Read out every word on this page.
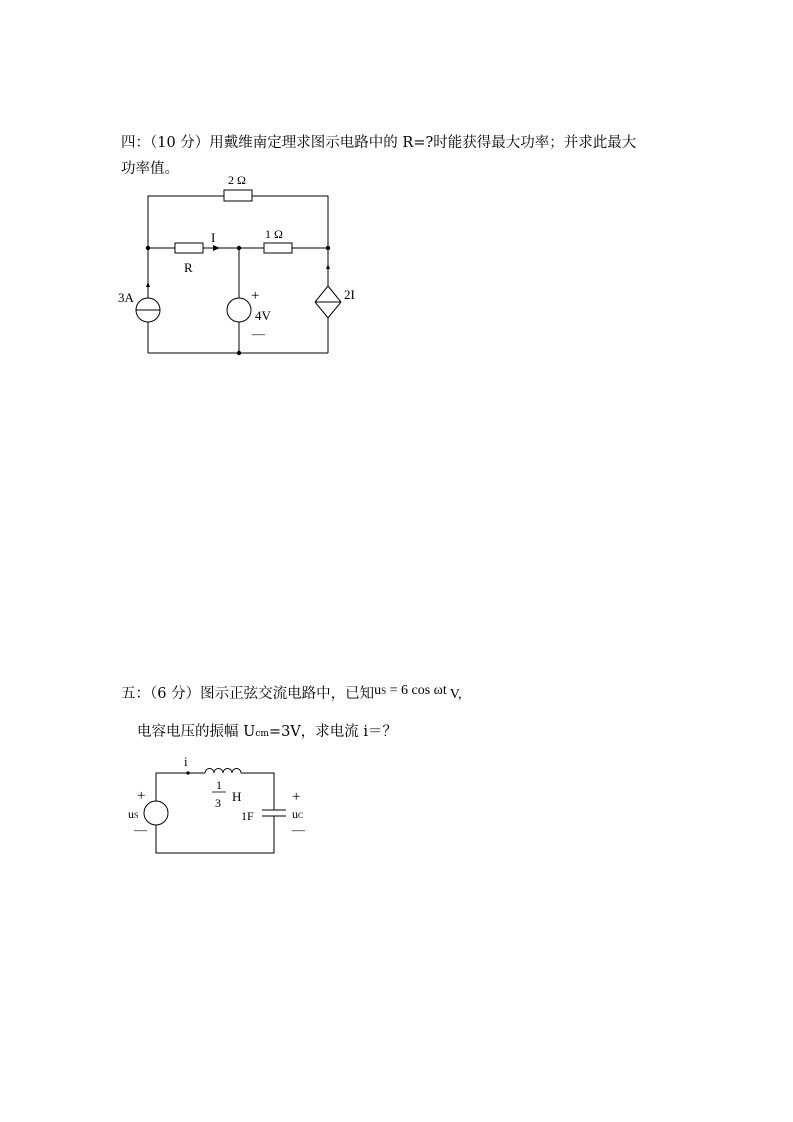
四：（10 分）用戴维南定理求图示电路中的 R=?时能获得最大功率；并求此最大
功率值。
五：（6 分）图示正弦交流电路中，已知uS = 6 cos ωt V,
电容电压的振幅 Ucm=3V，求电流 i＝？
2 Ω
1 Ω
I
R
3A	+
4V
—
2I
i
1
3 H
1F
+
uS
—
+
uC
—
